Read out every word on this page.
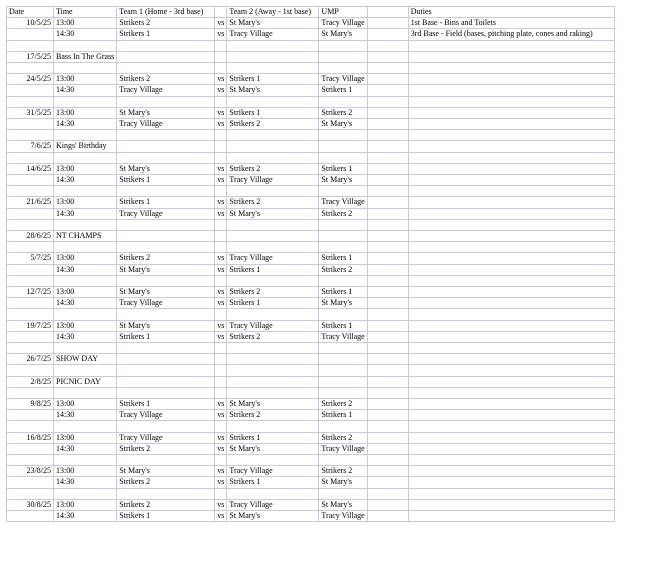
Date	Time	Team 1 (Home - 3rd base)		Team 2 (Away - 1st base)	UMP		Duties
10/5/25	13:00	Strikers 2	vs	St Mary's	Tracy Village		1st Base - Bins and Toilets
	14:30	Strikers 1	vs	Tracy Village	St Mary's		3rd Base - Field (bases, pitching plate, cones and raking)

17/5/25	Bass In The Grass						

24/5/25	13:00	Strikers 2	vs	Strikers 1	Tracy Village		
	14:30	Tracy Village	vs	St Mary's	Strikers 1		

31/5/25	13:00	St Mary's	vs	Strikers 1	Strikers 2		
	14:30	Tracy Village	vs	Strikers 2	St Mary's		

7/6/25	Kings' Birthday						

14/6/25	13:00	St Mary's	vs	Strikers 2	Strikers 1		
	14:30	Strikers 1	vs	Tracy Village	St Mary's		

21/6/25	13:00	Strikers 1	vs	Strikers 2	Tracy Village		
	14:30	Tracy Village	vs	St Mary's	Strikers 2		

28/6/25	NT CHAMPS						

5/7/25	13:00	Strikers 2	vs	Tracy Village	Strikers 1		
	14:30	St Mary's	vs	Strikers 1	Strikers 2		

12/7/25	13:00	St Mary's	vs	Strikers 2	Strikers 1		
	14:30	Tracy Village	vs	Strikers 1	St Mary's		

19/7/25	13:00	St Mary's	vs	Tracy Village	Strikers 1		
	14:30	Strikers 1	vs	Strikers 2	Tracy Village		

26/7/25	SHOW DAY						

2/8/25	PICNIC DAY						

9/8/25	13:00	Strikers 1	vs	St Mary's	Strikers 2		
	14:30	Tracy Village	vs	Strikers 2	Strikers 1		

16/8/25	13:00	Tracy Village	vs	Strikers 1	Strikers 2		
	14:30	Strikers 2	vs	St Mary's	Tracy Village		

23/8/25	13:00	St Mary's	vs	Tracy Village	Strikers 2		
	14:30	Strikers 2	vs	Strikers 1	St Mary's		

30/8/25	13:00	Strikers 2	vs	Tracy Village	St Mary's		
	14:30	Strikers 1	vs	St Mary's	Tracy Village		
